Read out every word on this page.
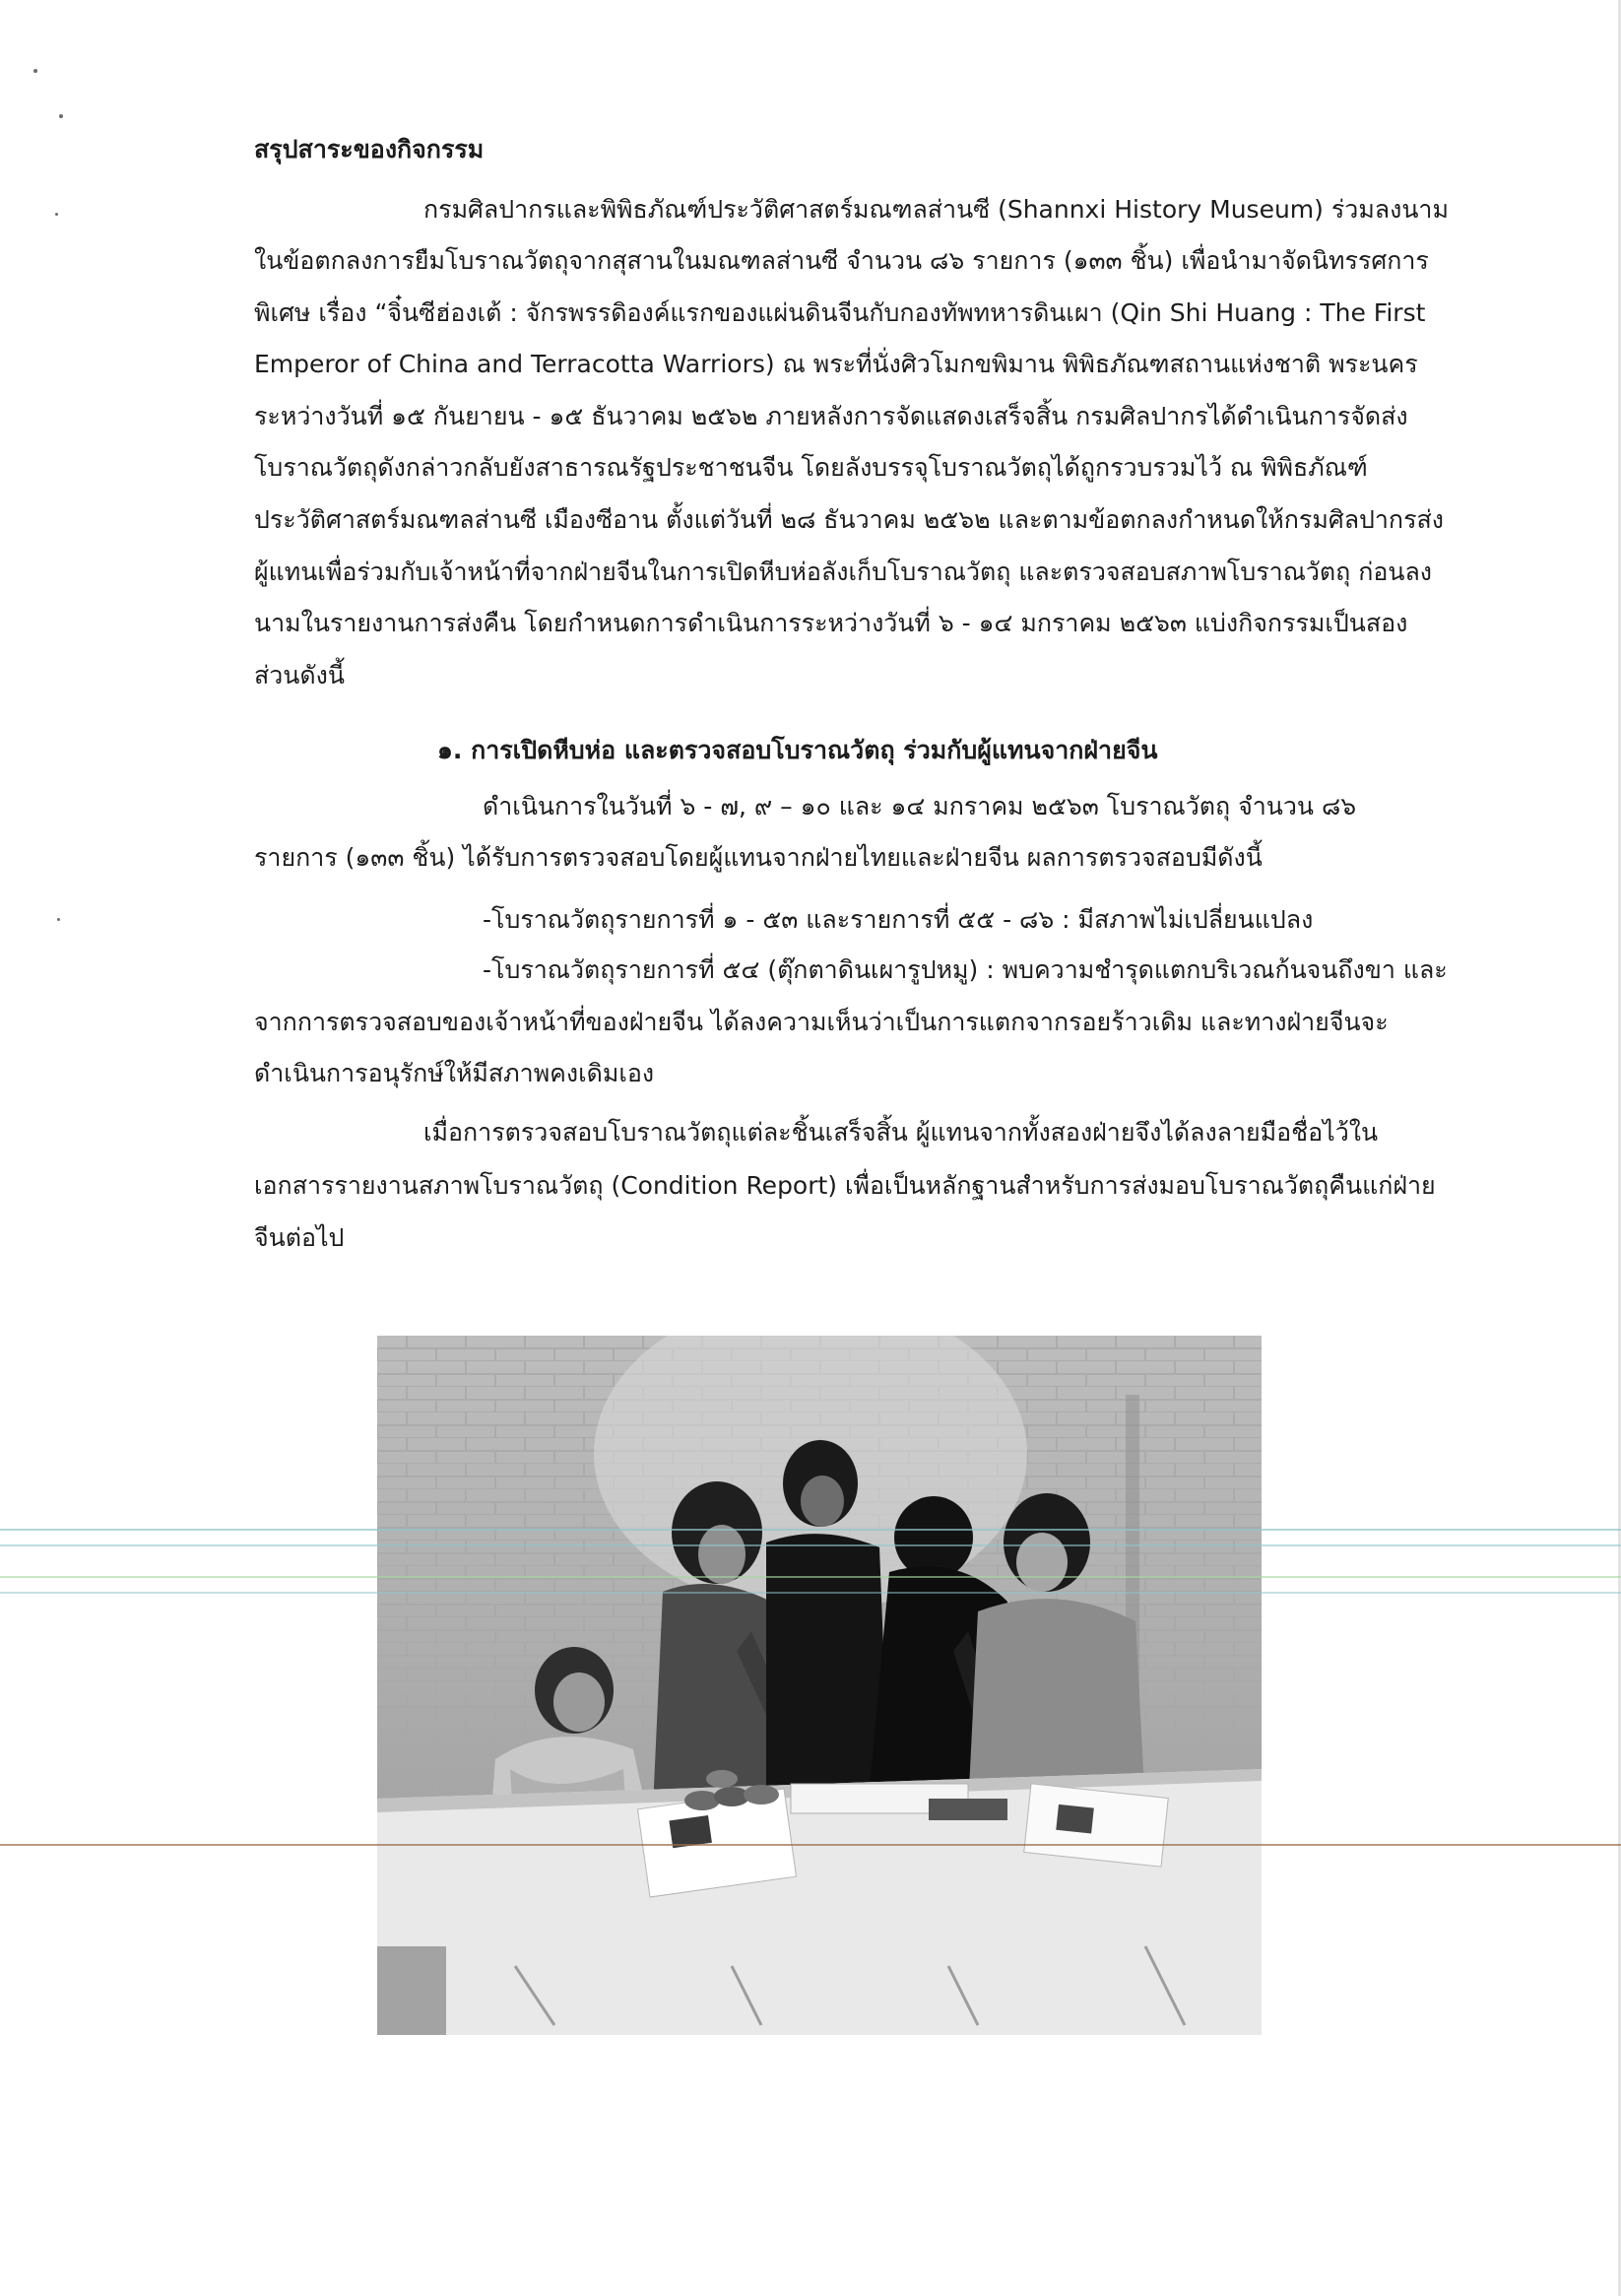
สรุปสาระของกิจกรรม
กรมศิลปากรและพิพิธภัณฑ์ประวัติศาสตร์มณฑลส่านซี (Shannxi History Museum) ร่วมลงนาม
ในข้อตกลงการยืมโบราณวัตถุจากสุสานในมณฑลส่านซี จำนวน ๘๖ รายการ (๑๓๓ ชิ้น) เพื่อนำมาจัดนิทรรศการ
พิเศษ เรื่อง “จิ๋นซีฮ่องเต้ : จักรพรรดิองค์แรกของแผ่นดินจีนกับกองทัพทหารดินเผา (Qin Shi Huang : The First
Emperor of China and Terracotta Warriors) ณ พระที่นั่งศิวโมกขพิมาน พิพิธภัณฑสถานแห่งชาติ พระนคร
ระหว่างวันที่ ๑๕ กันยายน - ๑๕ ธันวาคม ๒๕๖๒ ภายหลังการจัดแสดงเสร็จสิ้น กรมศิลปากรได้ดำเนินการจัดส่ง
โบราณวัตถุดังกล่าวกลับยังสาธารณรัฐประชาชนจีน โดยลังบรรจุโบราณวัตถุได้ถูกรวบรวมไว้ ณ พิพิธภัณฑ์
ประวัติศาสตร์มณฑลส่านซี เมืองซีอาน ตั้งแต่วันที่ ๒๘ ธันวาคม ๒๕๖๒ และตามข้อตกลงกำหนดให้กรมศิลปากรส่ง
ผู้แทนเพื่อร่วมกับเจ้าหน้าที่จากฝ่ายจีนในการเปิดหีบห่อลังเก็บโบราณวัตถุ และตรวจสอบสภาพโบราณวัตถุ ก่อนลง
นามในรายงานการส่งคืน โดยกำหนดการดำเนินการระหว่างวันที่ ๖ - ๑๔ มกราคม ๒๕๖๓ แบ่งกิจกรรมเป็นสอง
ส่วนดังนี้
๑. การเปิดหีบห่อ และตรวจสอบโบราณวัตถุ ร่วมกับผู้แทนจากฝ่ายจีน
ดำเนินการในวันที่ ๖ - ๗, ๙ – ๑๐ และ ๑๔ มกราคม ๒๕๖๓ โบราณวัตถุ จำนวน ๘๖
รายการ (๑๓๓ ชิ้น) ได้รับการตรวจสอบโดยผู้แทนจากฝ่ายไทยและฝ่ายจีน ผลการตรวจสอบมีดังนี้
-โบราณวัตถุรายการที่ ๑ - ๕๓ และรายการที่ ๕๕ - ๘๖ : มีสภาพไม่เปลี่ยนแปลง
-โบราณวัตถุรายการที่ ๕๔ (ตุ๊กตาดินเผารูปหมู) : พบความชำรุดแตกบริเวณก้นจนถึงขา และ
จากการตรวจสอบของเจ้าหน้าที่ของฝ่ายจีน ได้ลงความเห็นว่าเป็นการแตกจากรอยร้าวเดิม และทางฝ่ายจีนจะ
ดำเนินการอนุรักษ์ให้มีสภาพคงเดิมเอง
เมื่อการตรวจสอบโบราณวัตถุแต่ละชิ้นเสร็จสิ้น ผู้แทนจากทั้งสองฝ่ายจึงได้ลงลายมือชื่อไว้ใน
เอกสารรายงานสภาพโบราณวัตถุ (Condition Report) เพื่อเป็นหลักฐานสำหรับการส่งมอบโบราณวัตถุคืนแก่ฝ่าย
จีนต่อไป
